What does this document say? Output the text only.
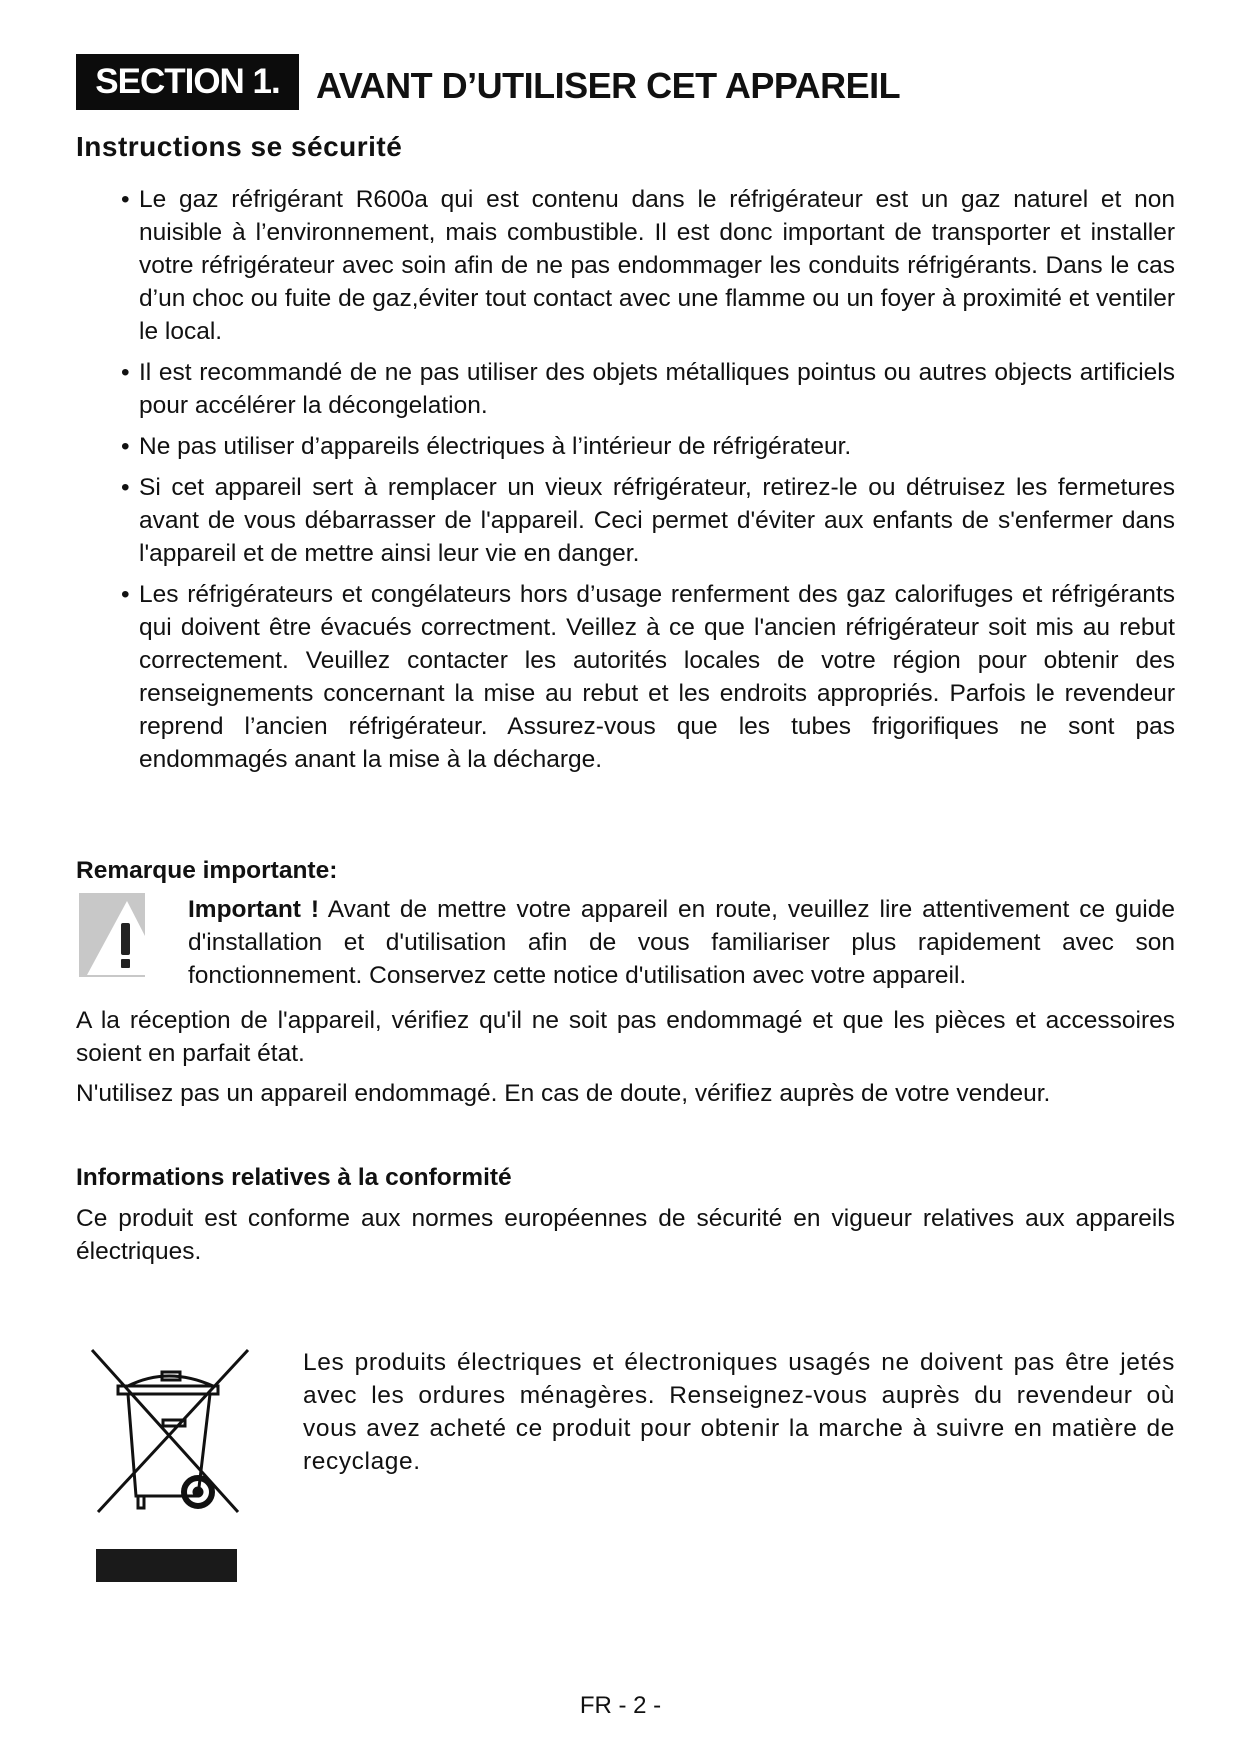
SECTION 1.	AVANT D’UTILISER CET APPAREIL
Instructions se sécurité
• Le gaz réfrigérant R600a qui est contenu dans le réfrigérateur est un gaz naturel et non nuisible à l’environnement, mais combustible. Il est donc important de transporter et installer votre réfrigérateur avec soin afin de ne pas endommager les conduits réfrigérants. Dans le cas d’un choc ou fuite de gaz,éviter tout contact avec une flamme ou un foyer à proximité et ventiler le local.
• Il est recommandé de ne pas utiliser des objets métalliques pointus ou autres objects artificiels pour accélérer la décongelation.
• Ne pas utiliser d’appareils électriques à l’intérieur de réfrigérateur.
• Si cet appareil sert à remplacer un vieux réfrigérateur, retirez-le ou détruisez les fermetures avant de vous débarrasser de l'appareil. Ceci permet d'éviter aux enfants de s'enfermer dans l'appareil et de mettre ainsi leur vie en danger.
• Les réfrigérateurs et congélateurs hors d’usage renferment des gaz calorifuges et réfrigérants qui doivent être évacués correctment. Veillez à ce que l'ancien réfrigérateur soit mis au rebut correctement. Veuillez contacter les autorités locales de votre région pour obtenir des renseignements concernant la mise au rebut et les endroits appropriés. Parfois le revendeur reprend l’ancien réfrigérateur. Assurez-vous que les tubes frigorifiques ne sont pas endommagés anant la mise à la décharge.
Remarque importante:
Important ! Avant de mettre votre appareil en route, veuillez lire attentivement ce guide d'installation et d'utilisation afin de vous familiariser plus rapidement avec son fonctionnement. Conservez cette notice d'utilisation avec votre appareil.
A la réception de l'appareil, vérifiez qu'il ne soit pas endommagé et que les pièces et accessoires soient en parfait état.
N'utilisez pas un appareil endommagé. En cas de doute, vérifiez auprès de votre vendeur.
Informations relatives à la conformité
Ce produit est conforme aux normes européennes de sécurité en vigueur relatives aux appareils électriques.
Les produits électriques et électroniques usagés ne doivent pas être jetés avec les ordures ménagères. Renseignez-vous auprès du revendeur où vous avez acheté ce produit pour obtenir la marche à suivre en matière de recyclage.
FR - 2 -
